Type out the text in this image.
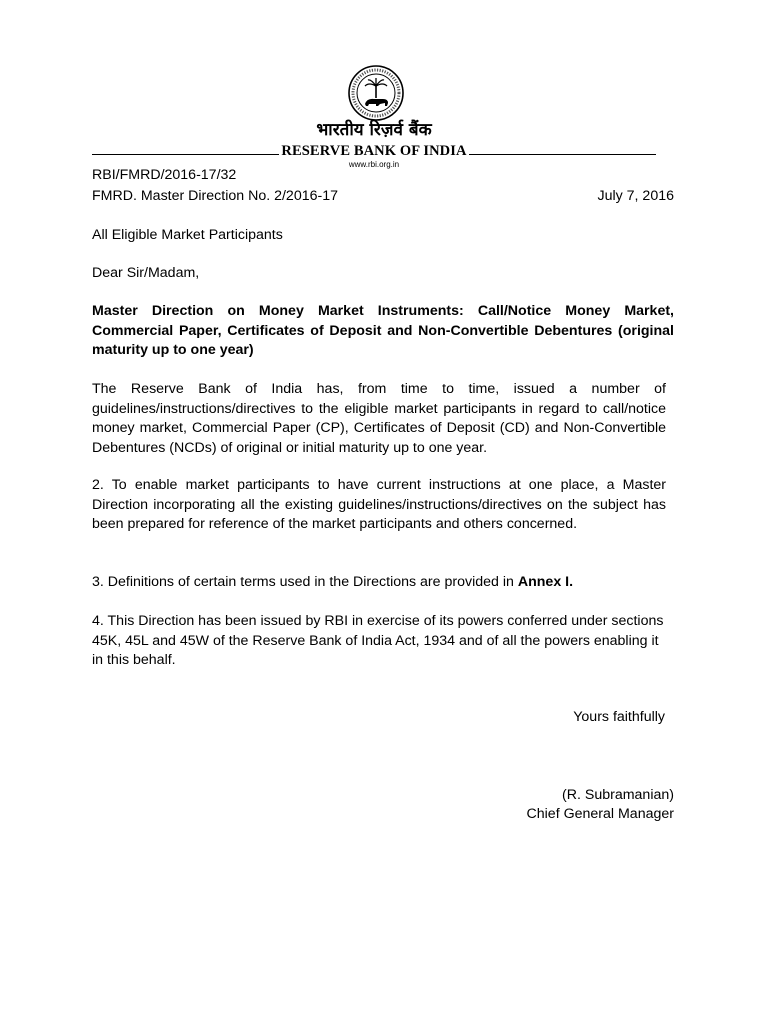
भारतीय रिज़र्व बैंक
RESERVE BANK OF INDIA
www.rbi.org.in

RBI/FMRD/2016-17/32

FMRD. Master Direction No. 2/2016-17	July 7, 2016

All Eligible Market Participants

Dear Sir/Madam,

Master Direction on Money Market Instruments: Call/Notice Money Market, Commercial Paper, Certificates of Deposit and Non-Convertible Debentures (original maturity up to one year)

The Reserve Bank of India has, from time to time, issued a number of guidelines/instructions/directives to the eligible market participants in regard to call/notice money market, Commercial Paper (CP), Certificates of Deposit (CD) and Non-Convertible Debentures (NCDs) of original or initial maturity up to one year.

2. To enable market participants to have current instructions at one place, a Master Direction incorporating all the existing guidelines/instructions/directives on the subject has been prepared for reference of the market participants and others concerned.

3. Definitions of certain terms used in the Directions are provided in Annex I.

4. This Direction has been issued by RBI in exercise of its powers conferred under sections 45K, 45L and 45W of the Reserve Bank of India Act, 1934 and of all the powers enabling it in this behalf.

Yours faithfully

(R. Subramanian)

Chief General Manager
